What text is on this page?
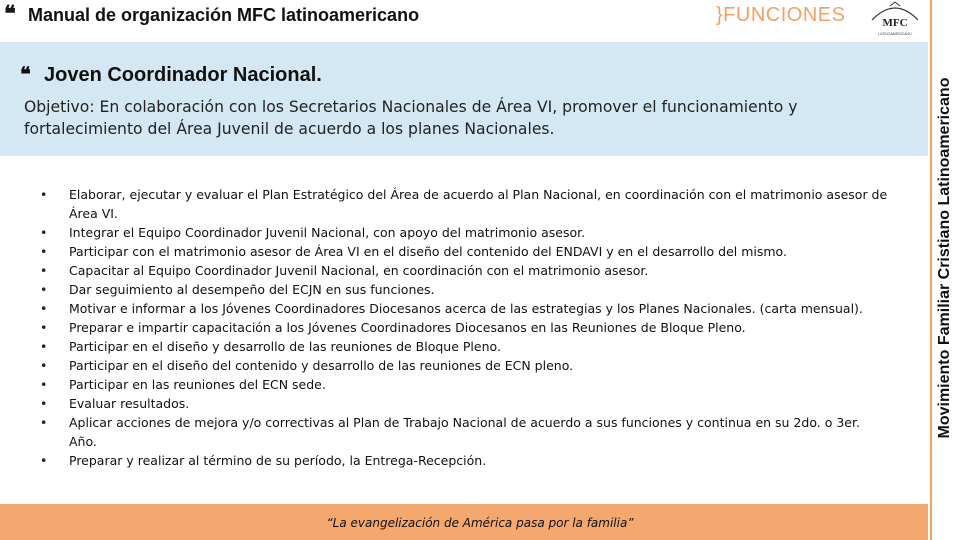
❝ Manual de organización MFC latinoamericano	}FUNCIONES	MFC
LATINOAMERICANO
Movimiento Familiar Cristiano Latinoamericano
❝ Joven Coordinador Nacional.
Objetivo: En colaboración con los Secretarios Nacionales de Área VI, promover el funcionamiento y fortalecimiento del Área Juvenil de acuerdo a los planes Nacionales.
• Elaborar, ejecutar y evaluar el Plan Estratégico del Área de acuerdo al Plan Nacional, en coordinación con el matrimonio asesor de Área VI.
• Integrar el Equipo Coordinador Juvenil Nacional, con apoyo del matrimonio asesor.
• Participar con el matrimonio asesor de Área VI en el diseño del contenido del ENDAVI y en el desarrollo del mismo.
• Capacitar al Equipo Coordinador Juvenil Nacional, en coordinación con el matrimonio asesor.
• Dar seguimiento al desempeño del ECJN en sus funciones.
• Motivar e informar a los Jóvenes Coordinadores Diocesanos acerca de las estrategias y los Planes Nacionales. (carta mensual).
• Preparar e impartir capacitación a los Jóvenes Coordinadores Diocesanos en las Reuniones de Bloque Pleno.
• Participar en el diseño y desarrollo de las reuniones de Bloque Pleno.
• Participar en el diseño del contenido y desarrollo de las reuniones de ECN pleno.
• Participar en las reuniones del ECN sede.
• Evaluar resultados.
• Aplicar acciones de mejora y/o correctivas al Plan de Trabajo Nacional de acuerdo a sus funciones y continua en su 2do. o 3er. Año.
• Preparar y realizar al término de su período, la Entrega-Recepción.
“La evangelización de América pasa por la familia”
